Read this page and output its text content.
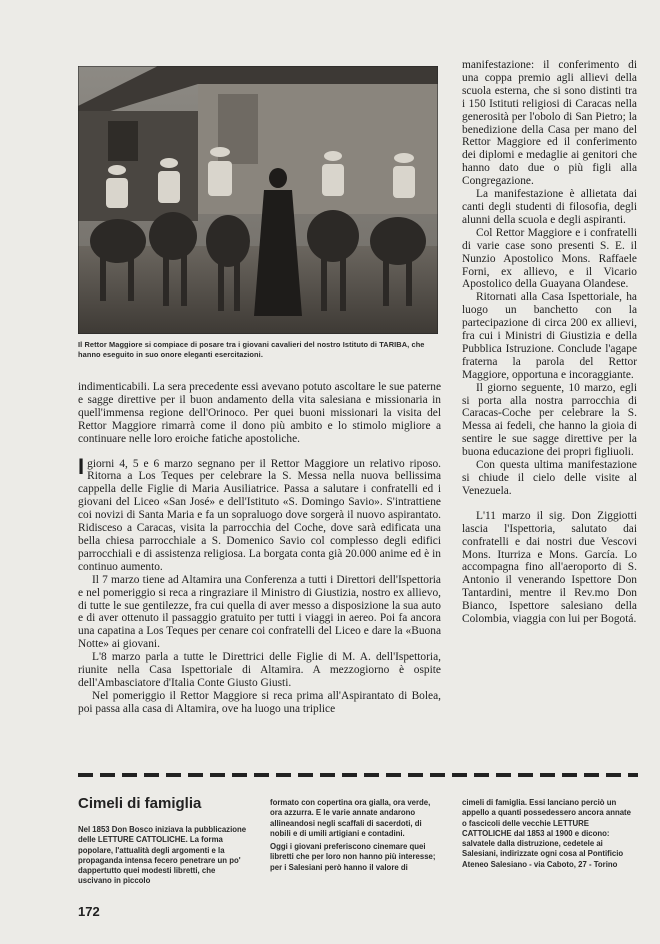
Il Rettor Maggiore si compiace di posare tra i giovani cavalieri del nostro Istituto di TARIBA, che hanno eseguito in suo onore eleganti esercitazioni.

indimenticabili. La sera precedente essi avevano potuto ascoltare le sue paterne e sagge direttive per il buon andamento della vita salesiana e missionaria in quell'immensa regione dell'Orinoco. Per quei buoni missionari la visita del Rettor Maggiore rimarrà come il dono più ambito e lo stimolo migliore a continuare nelle loro eroiche fatiche apostoliche.

I giorni 4, 5 e 6 marzo segnano per il Rettor Maggiore un relativo riposo. Ritorna a Los Teques per celebrare la S. Messa nella nuova bellissima cappella delle Figlie di Maria Ausiliatrice. Passa a salutare i confratelli ed i giovani del Liceo «San José» e dell'Istituto «S. Domingo Savio». S'intrattiene coi novizi di Santa Maria e fa un sopraluogo dove sorgerà il nuovo aspirantato. Ridisceso a Caracas, visita la parrocchia del Coche, dove sarà edificata una bella chiesa parrocchiale a S. Domenico Savio col complesso degli edifici parrocchiali e di assistenza religiosa. La borgata conta già 20.000 anime ed è in continuo aumento.

Il 7 marzo tiene ad Altamira una Conferenza a tutti i Direttori dell'Ispettoria e nel pomeriggio si reca a ringraziare il Ministro di Giustizia, nostro ex allievo, di tutte le sue gentilezze, fra cui quella di aver messo a disposizione la sua auto e di aver ottenuto il passaggio gratuito per tutti i viaggi in aereo. Poi fa ancora una capatina a Los Teques per cenare coi confratelli del Liceo e dare la «Buona Notte» ai giovani.

L'8 marzo parla a tutte le Direttrici delle Figlie di M. A. dell'Ispettoria, riunite nella Casa Ispettoriale di Altamira. A mezzogiorno è ospite dell'Ambasciatore d'Italia Conte Giusto Giusti.

Nel pomeriggio il Rettor Maggiore si reca prima all'Aspirantato di Bolea, poi passa alla casa di Altamira, ove ha luogo una triplice

manifestazione: il conferimento di una coppa premio agli allievi della scuola esterna, che si sono distinti tra i 150 Istituti religiosi di Caracas nella generosità per l'obolo di San Pietro; la benedizione della Casa per mano del Rettor Maggiore ed il conferimento dei diplomi e medaglie ai genitori che hanno dato due o più figli alla Congregazione.

La manifestazione è allietata dai canti degli studenti di filosofia, degli alunni della scuola e degli aspiranti.

Col Rettor Maggiore e i confratelli di varie case sono presenti S. E. il Nunzio Apostolico Mons. Raffaele Forni, ex allievo, e il Vicario Apostolico della Guayana Olandese.

Ritornati alla Casa Ispettoriale, ha luogo un banchetto con la partecipazione di circa 200 ex allievi, fra cui i Ministri di Giustizia e della Pubblica Istruzione. Conclude l'agape fraterna la parola del Rettor Maggiore, opportuna e incoraggiante.

Il giorno seguente, 10 marzo, egli si porta alla nostra parrocchia di Caracas-Coche per celebrare la S. Messa ai fedeli, che hanno la gioia di sentire le sue sagge direttive per la buona educazione dei propri figliuoli.

Con questa ultima manifestazione si chiude il cielo delle visite al Venezuela.

L'11 marzo il sig. Don Ziggiotti lascia l'Ispettoria, salutato dai confratelli e dai nostri due Vescovi Mons. Iturriza e Mons. García. Lo accompagna fino all'aeroporto di S. Antonio il venerando Ispettore Don Tantardini, mentre il Rev.mo Don Bianco, Ispettore salesiano della Colombia, viaggia con lui per Bogotá.

Cimeli di famiglia

Nel 1853 Don Bosco iniziava la pubblicazione delle LETTURE CATTOLICHE. La forma popolare, l'attualità degli argomenti e la propaganda intensa fecero penetrare un po' dappertutto quei modesti libretti, che uscivano in piccolo

formato con copertina ora gialla, ora verde, ora azzurra. E le varie annate andarono allineandosi negli scaffali di sacerdoti, di nobili e di umili artigiani e contadini.

Oggi i giovani preferiscono cinemare quei libretti che per loro non hanno più interesse; per i Salesiani però hanno il valore di

cimeli di famiglia. Essi lanciano perciò un appello a quanti possedessero ancora annate o fascicoli delle vecchie LETTURE CATTOLICHE dal 1853 al 1900 e dicono: salvatele dalla distruzione, cedetele ai Salesiani, indirizzate ogni cosa al Pontificio Ateneo Salesiano - via Caboto, 27 - Torino

172
